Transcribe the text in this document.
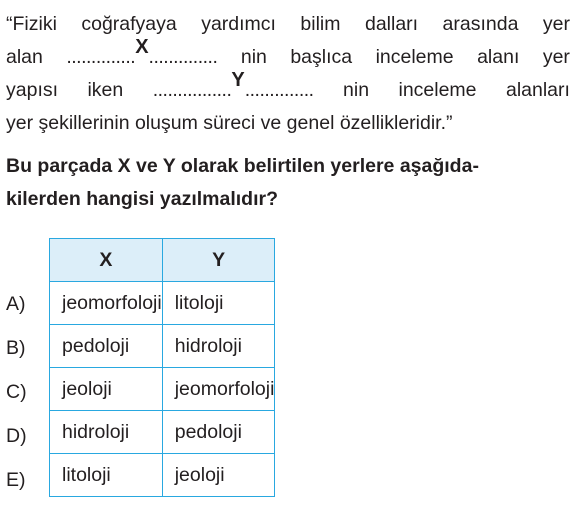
“Fiziki coğrafyaya yardımcı bilim dalları arasında yer
alan ..............X.............. nin başlıca inceleme alanı yer
yapısı iken ................Y.............. nin inceleme alanları
yer şekillerinin oluşum süreci ve genel özellikleridir.”
Bu parçada X ve Y olarak belirtilen yerlere aşağıda-
kilerden hangisi yazılmalıdır?
A)
B)
C)
D)
E)
X	Y
jeomorfoloji	litoloji
pedoloji	hidroloji
jeoloji	jeomorfoloji
hidroloji	pedoloji
litoloji	jeoloji
